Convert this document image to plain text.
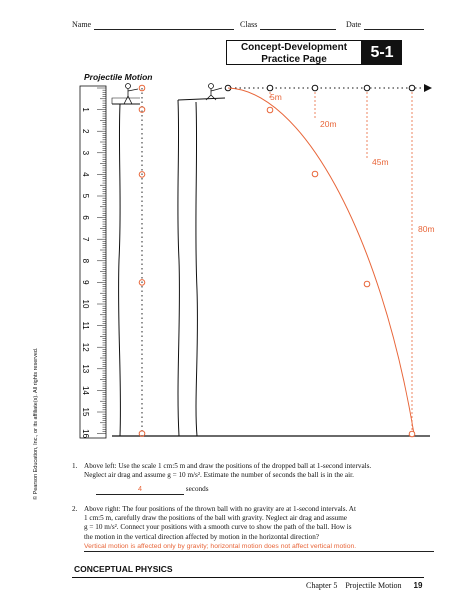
Name	Class	Date
Concept-Development
Practice Page	5-1
Projectile Motion
1
2
3
4
5
6
7
8
9
10
11
12
13
14
15
16
5m
20m
45m
80m
© Pearson Education, Inc., or its affiliate(s). All rights reserved.	1. Above left: Use the scale 1 cm:5 m and draw the positions of the dropped ball at 1-second intervals.
Neglect air drag and assume g = 10 m/s². Estimate the number of seconds the ball is in the air.
4	seconds
2. Above right: The four positions of the thrown ball with no gravity are at 1-second intervals. At
1 cm:5 m, carefully draw the positions of the ball with gravity. Neglect air drag and assume
g = 10 m/s². Connect your positions with a smooth curve to show the path of the ball. How is
the motion in the vertical direction affected by motion in the horizontal direction?
Vertical motion is affected only by gravity; horizontal motion does not affect vertical motion.
CONCEPTUAL PHYSICS
Chapter 5 Projectile Motion 19
